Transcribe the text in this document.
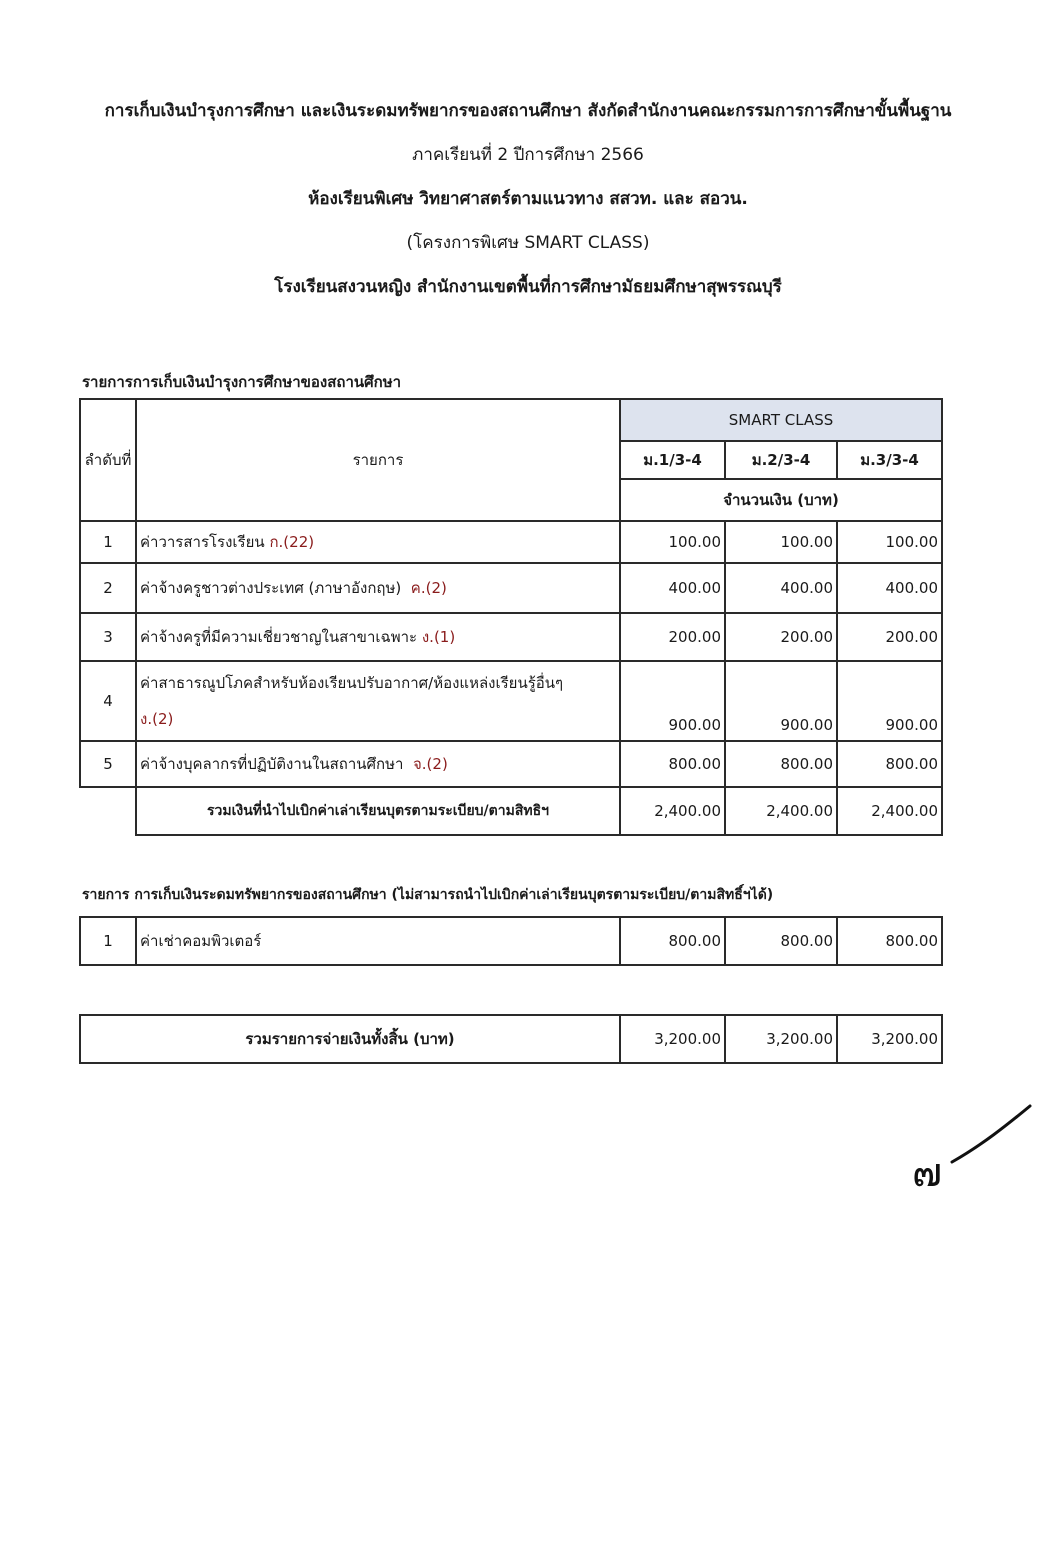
การเก็บเงินบำรุงการศึกษา และเงินระดมทรัพยากรของสถานศึกษา สังกัดสำนักงานคณะกรรมการการศึกษาขั้นพื้นฐาน
ภาคเรียนที่ 2 ปีการศึกษา 2566
ห้องเรียนพิเศษ วิทยาศาสตร์ตามแนวทาง สสวท. และ สอวน.
(โครงการพิเศษ SMART CLASS)
โรงเรียนสงวนหญิง สำนักงานเขตพื้นที่การศึกษามัธยมศึกษาสุพรรณบุรี
รายการการเก็บเงินบำรุงการศึกษาของสถานศึกษา
ลำดับที่	รายการ	SMART CLASS		
		ม.1/3-4	ม.2/3-4	ม.3/3-4
		จำนวนเงิน (บาท)		
1	ค่าวารสารโรงเรียน ก.(22)	100.00	100.00	100.00
2	ค่าจ้างครูชาวต่างประเทศ (ภาษาอังกฤษ) ค.(2)	400.00	400.00	400.00
3	ค่าจ้างครูที่มีความเชี่ยวชาญในสาขาเฉพาะ ง.(1)	200.00	200.00	200.00
4	ค่าสาธารณูปโภคสำหรับห้องเรียนปรับอากาศ/ห้องแหล่งเรียนรู้อื่นๆ
ง.(2)	900.00	900.00	900.00
5	ค่าจ้างบุคลากรที่ปฏิบัติงานในสถานศึกษา จ.(2)	800.00	800.00	800.00
	รวมเงินที่นำไปเบิกค่าเล่าเรียนบุตรตามระเบียบ/ตามสิทธิฯ	2,400.00	2,400.00	2,400.00
รายการ การเก็บเงินระดมทรัพยากรของสถานศึกษา (ไม่สามารถนำไปเบิกค่าเล่าเรียนบุตรตามระเบียบ/ตามสิทธิ์ฯได้)
1	ค่าเช่าคอมพิวเตอร์	800.00	800.00	800.00
รวมรายการจ่ายเงินทั้งสิ้น (บาท)	3,200.00	3,200.00	3,200.00
๗
